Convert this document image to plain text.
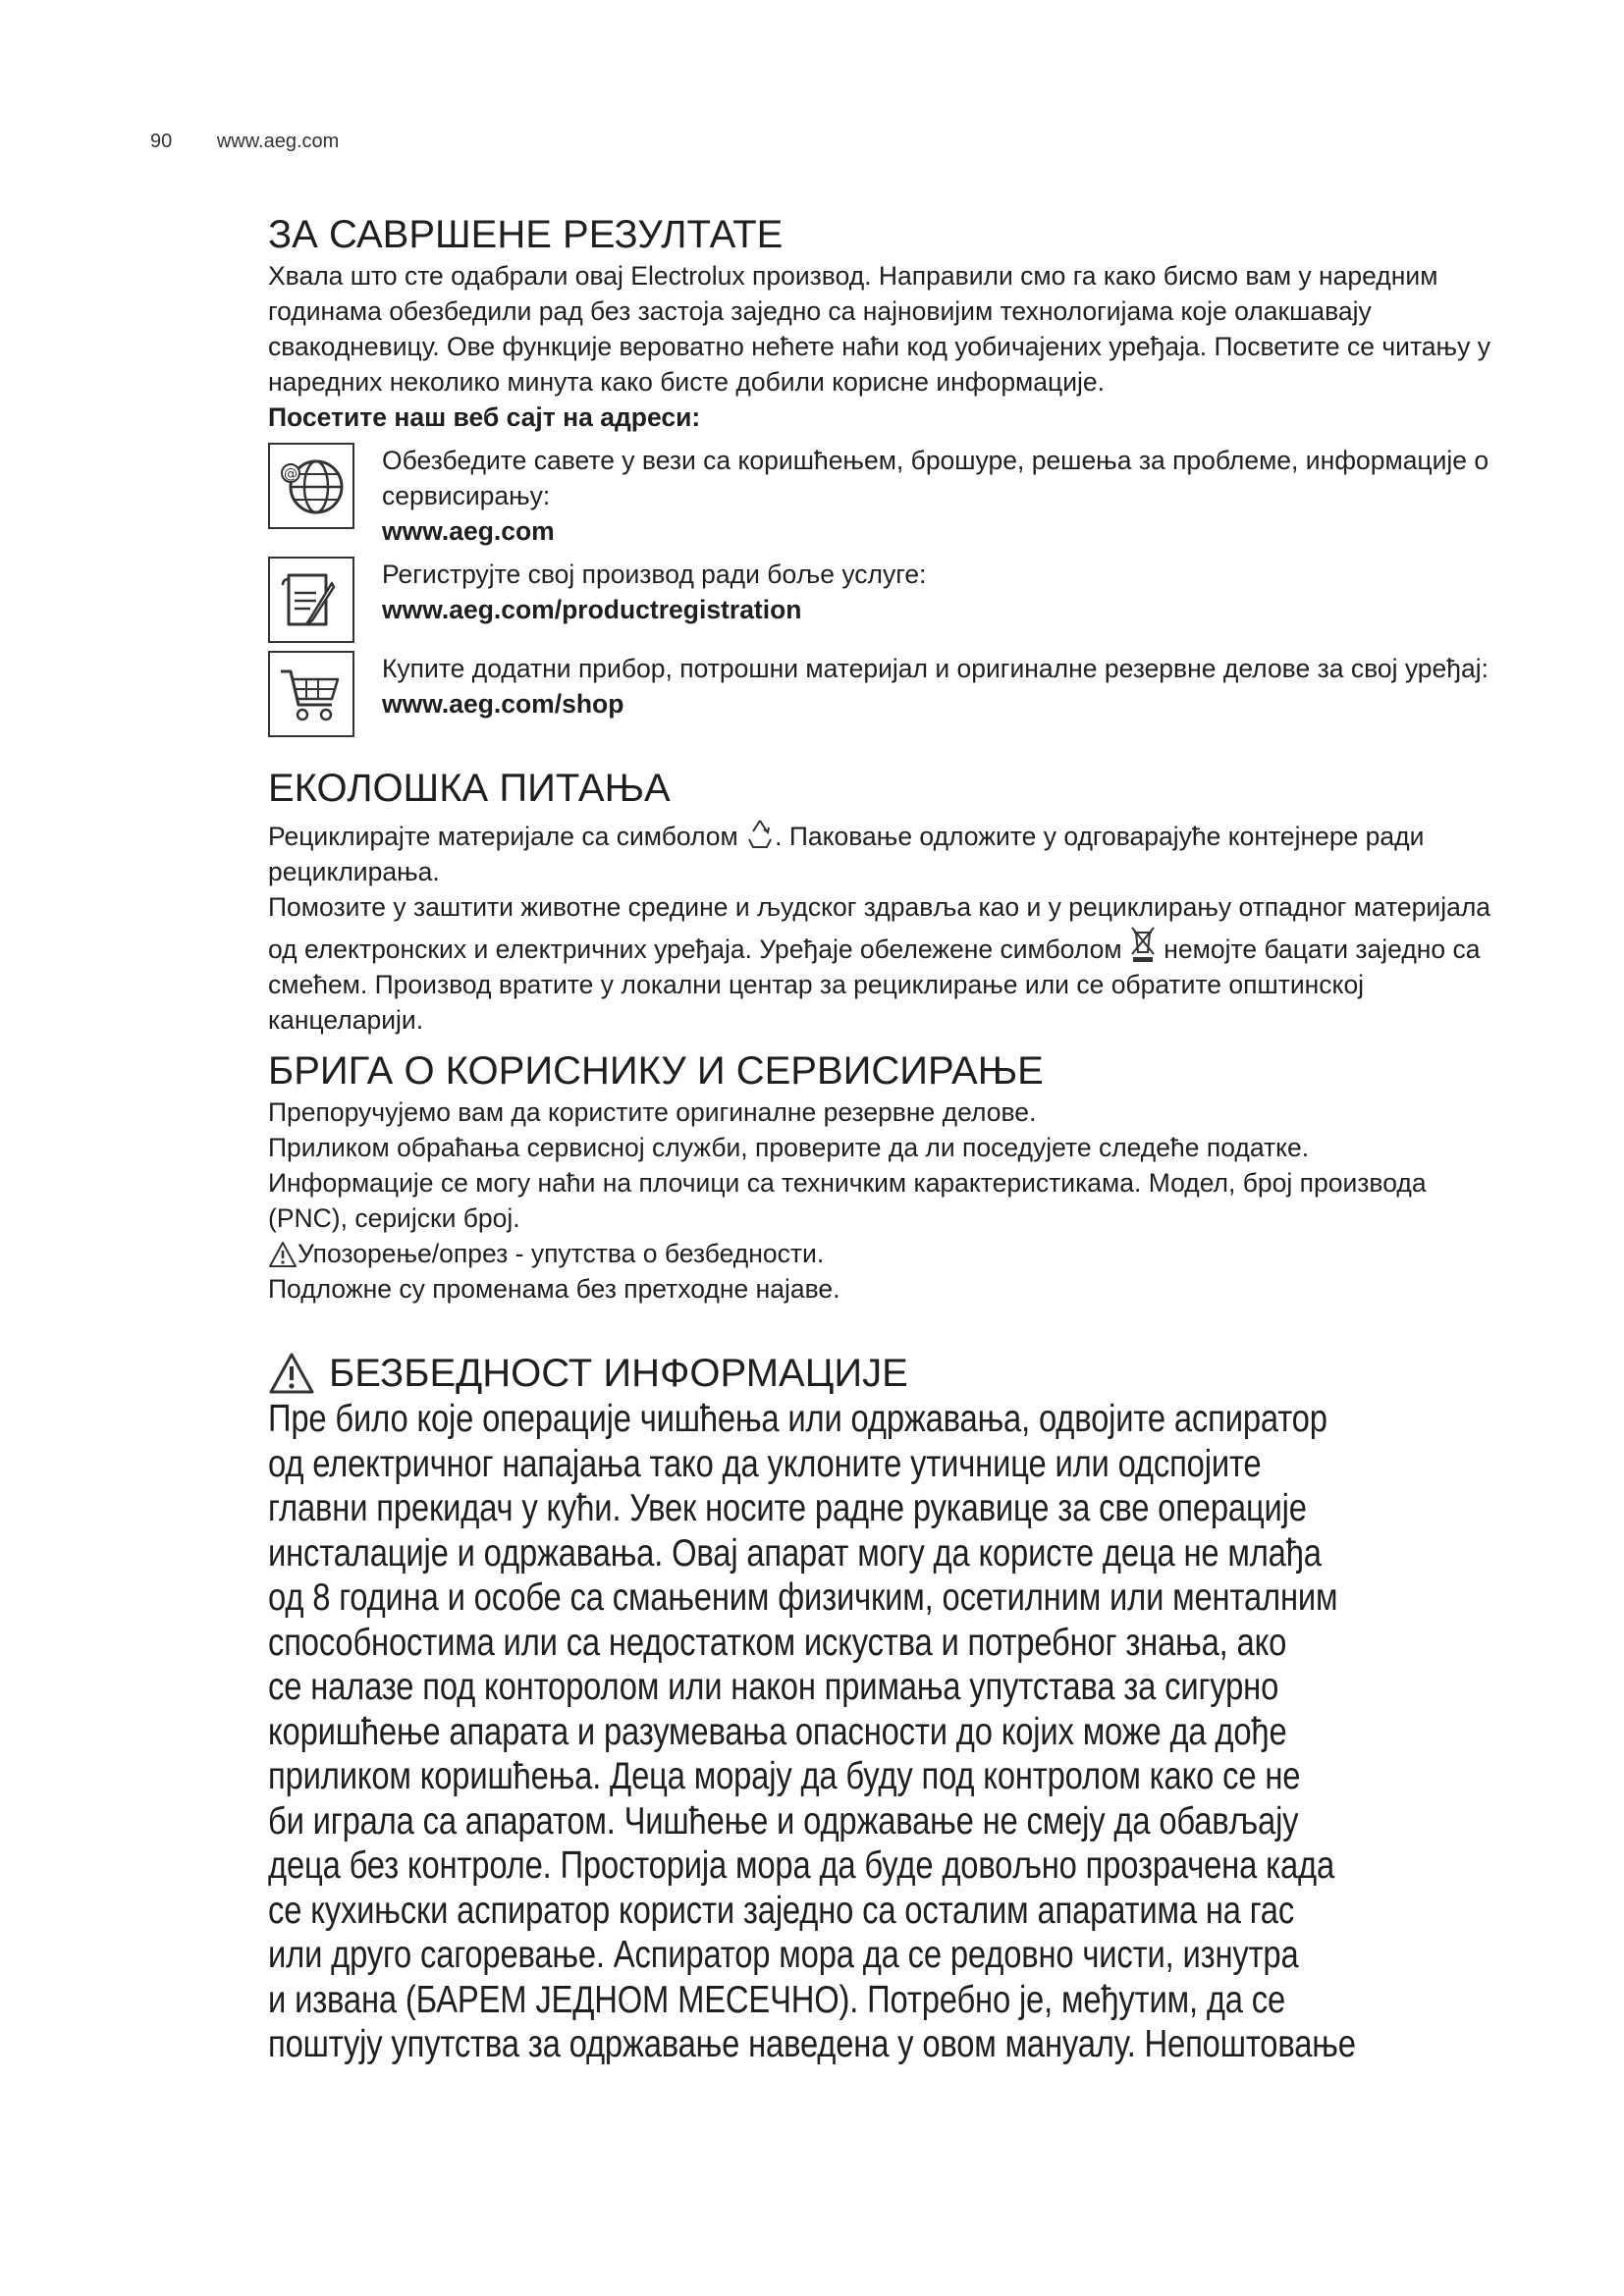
90 www.aeg.com
ЗА САВРШЕНЕ РЕЗУЛТАТЕ

Хвала што сте одабрали овај Electrolux производ. Направили смо га како бисмо вам у наредним годинама обезбедили рад без застоја заједно са најновијим технологијама које олакшавају свакодневицу. Ове функције вероватно нећете наћи код уобичајених уређаја. Посветите се читању у наредних неколико минута како бисте добили корисне информације.

Посетите наш веб сајт на адреси:

@	Обезбедите савете у вези са коришћењем, брошуре, решења за проблеме, информације о сервисирању:

www.aeg.com

Региструјте свој производ ради боље услуге:

www.aeg.com/productregistration

Купите додатни прибор, потрошни материјал и оригиналне резервне делове за свој уређај:

www.aeg.com/shop

ЕКОЛОШКА ПИТАЊА

Рециклирајте материјале са симболом . Паковање одложите у одговарајуће контејнере ради рециклирања.

Помозите у заштити животне средине и људског здравља као и у рециклирању отпадног материјала од електронских и електричних уређаја. Уређаје обележене симболом немојте бацати заједно са смећем. Производ вратите у локални центар за рециклирање или се обратите општинској канцеларији.

БРИГА О КОРИСНИКУ И СЕРВИСИРАЊЕ

Препоручујемо вам да користите оригиналне резервне делове.

Приликом обраћања сервисној служби, проверите да ли поседујете следеће податке.

Информације се могу наћи на плочици са техничким карактеристикама. Модел, број производа (PNC), серијски број.

Упозорење/опрез - упутства о безбедности.

Подложне су променама без претходне најаве.

БЕЗБЕДНОСТ ИНФОРМАЦИЈЕ
Пре било које операције чишћења или одржавања, одвојите аспиратор
од електричног напајања тако да уклоните утичнице или одспојите
главни прекидач у кући. Увек носите радне рукавице за све операције
инсталације и одржавања. Овај апарат могу да користе деца не млађа
од 8 година и особе са смањеним физичким, осетилним или менталним
способностима или са недостатком искуства и потребног знања, ако
се налазе под конторолом или након примања упутстава за сигурно
коришћење апарата и разумевања опасности до којих може да дође
приликом коришћења. Деца морају да буду под контролом како се не
би играла са апаратом. Чишћење и одржавање не смеју да обављају
деца без контроле. Просторија мора да буде довољно прозрачена када
се кухињски аспиратор користи заједно са осталим апаратима на гас
или друго сагоревање. Аспиратор мора да се редовно чисти, изнутра
и извана (БАРЕМ ЈЕДНОМ МЕСЕЧНО). Потребно је, међутим, да се
поштују упутства за одржавање наведена у овом мануалу. Непоштовање
